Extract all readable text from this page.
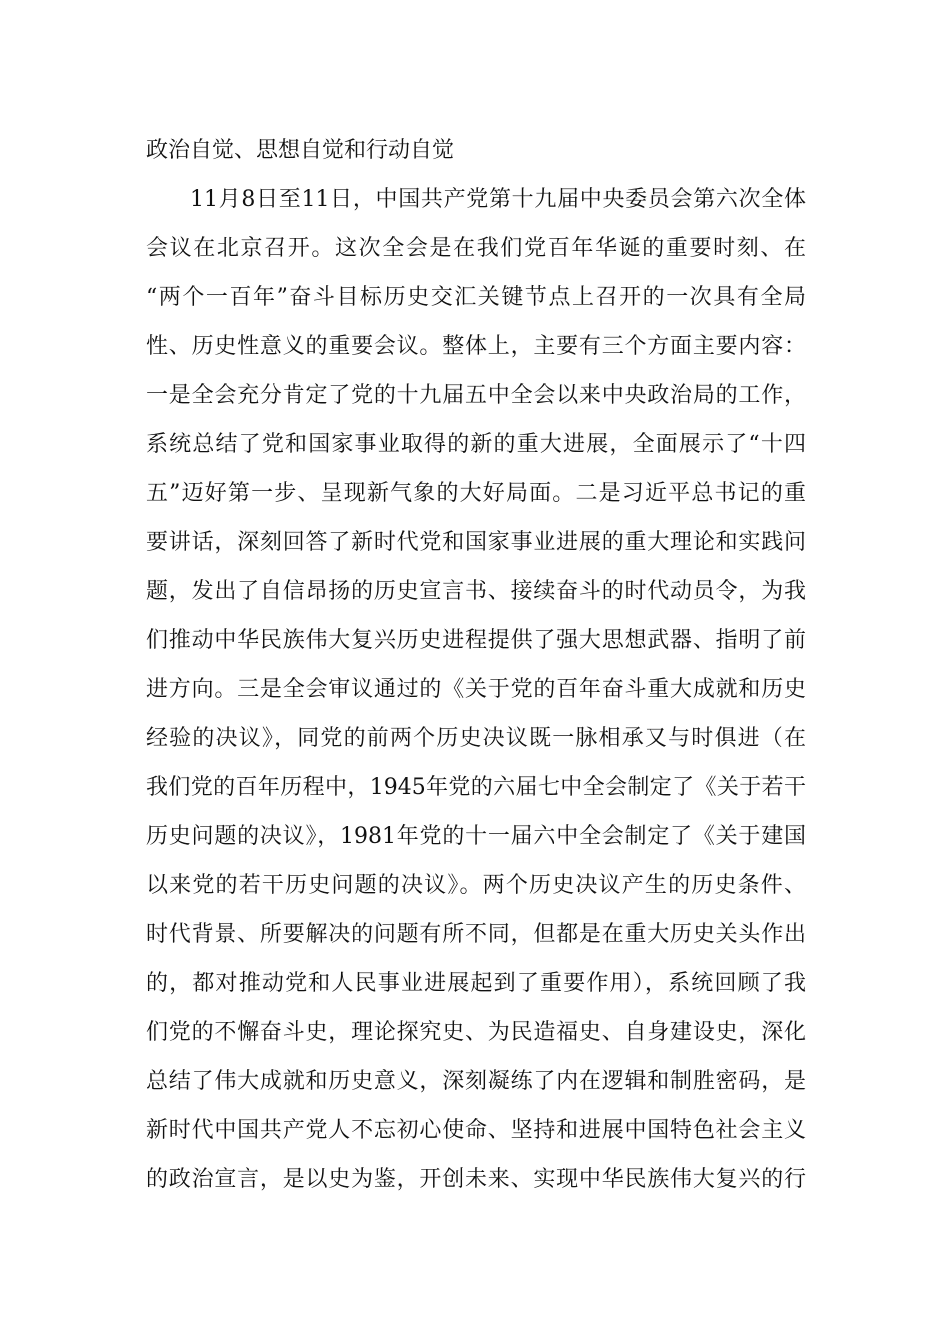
政治自觉、思想自觉和行动自觉
11月8日至11日，中国共产党第十九届中央委员会第六次全体
会议在北京召开。这次全会是在我们党百年华诞的重要时刻、在
“两个一百年”奋斗目标历史交汇关键节点上召开的一次具有全局
性、历史性意义的重要会议。整体上，主要有三个方面主要内容：
一是全会充分肯定了党的十九届五中全会以来中央政治局的工作，
系统总结了党和国家事业取得的新的重大进展，全面展示了“十四
五”迈好第一步、呈现新气象的大好局面。二是习近平总书记的重
要讲话，深刻回答了新时代党和国家事业进展的重大理论和实践问
题，发出了自信昂扬的历史宣言书、接续奋斗的时代动员令，为我
们推动中华民族伟大复兴历史进程提供了强大思想武器、指明了前
进方向。三是全会审议通过的《关于党的百年奋斗重大成就和历史
经验的决议》，同党的前两个历史决议既一脉相承又与时俱进（在
我们党的百年历程中，1945年党的六届七中全会制定了《关于若干
历史问题的决议》，1981年党的十一届六中全会制定了《关于建国
以来党的若干历史问题的决议》。两个历史决议产生的历史条件、
时代背景、所要解决的问题有所不同，但都是在重大历史关头作出
的，都对推动党和人民事业进展起到了重要作用），系统回顾了我
们党的不懈奋斗史，理论探究史、为民造福史、自身建设史，深化
总结了伟大成就和历史意义，深刻凝练了内在逻辑和制胜密码，是
新时代中国共产党人不忘初心使命、坚持和进展中国特色社会主义
的政治宣言，是以史为鉴，开创未来、实现中华民族伟大复兴的行
